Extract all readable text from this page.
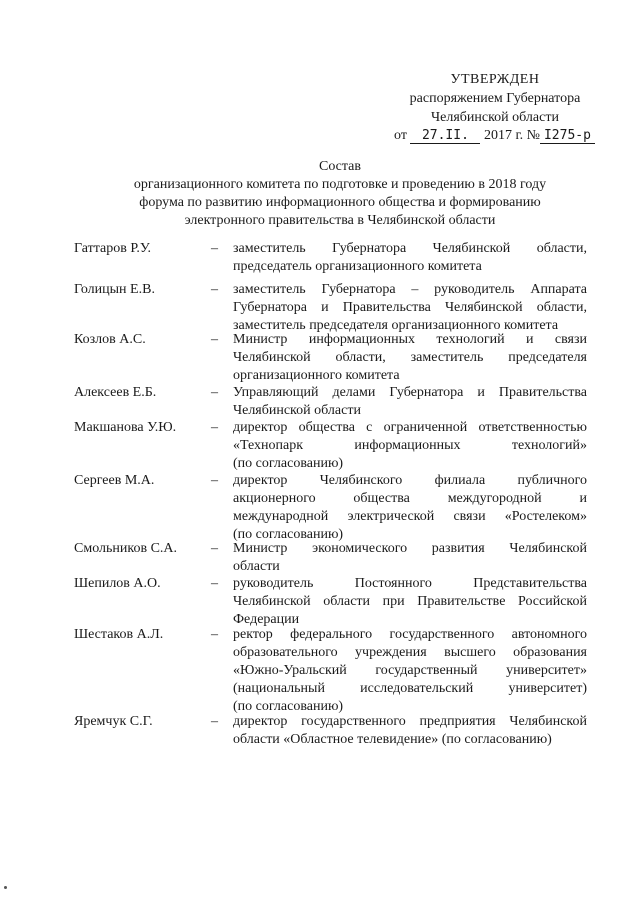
УТВЕРЖДЕН
распоряжением Губернатора
Челябинской области
от 27.II. 2017 г. № I275-р
Состав
организационного комитета по подготовке и проведению в 2018 году
форума по развитию информационного общества и формированию
электронного правительства в Челябинской области
Гаттаров Р.У.	–	заместитель Губернатора Челябинской области,
председатель организационного комитета
Голицын Е.В.	–	заместитель Губернатора – руководитель Аппарата
Губернатора и Правительства Челябинской области,
заместитель председателя организационного комитета
Козлов А.С.	–	Министр информационных технологий и связи
Челябинской области, заместитель председателя
организационного комитета
Алексеев Е.Б.	–	Управляющий делами Губернатора и Правительства
Челябинской области
Макшанова У.Ю.	–	директор общества с ограниченной ответственностью
«Технопарк информационных технологий»
(по согласованию)
Сергеев М.А.	–	директор Челябинского филиала публичного
акционерного общества междугородной и
международной электрической связи «Ростелеком»
(по согласованию)
Смольников С.А.	–	Министр экономического развития Челябинской
области
Шепилов А.О.	–	руководитель Постоянного Представительства
Челябинской области при Правительстве Российской
Федерации
Шестаков А.Л.	–	ректор федерального государственного автономного
образовательного учреждения высшего образования
«Южно-Уральский государственный университет»
(национальный исследовательский университет)
(по согласованию)
Яремчук С.Г.	–	директор государственного предприятия Челябинской
области «Областное телевидение» (по согласованию)
